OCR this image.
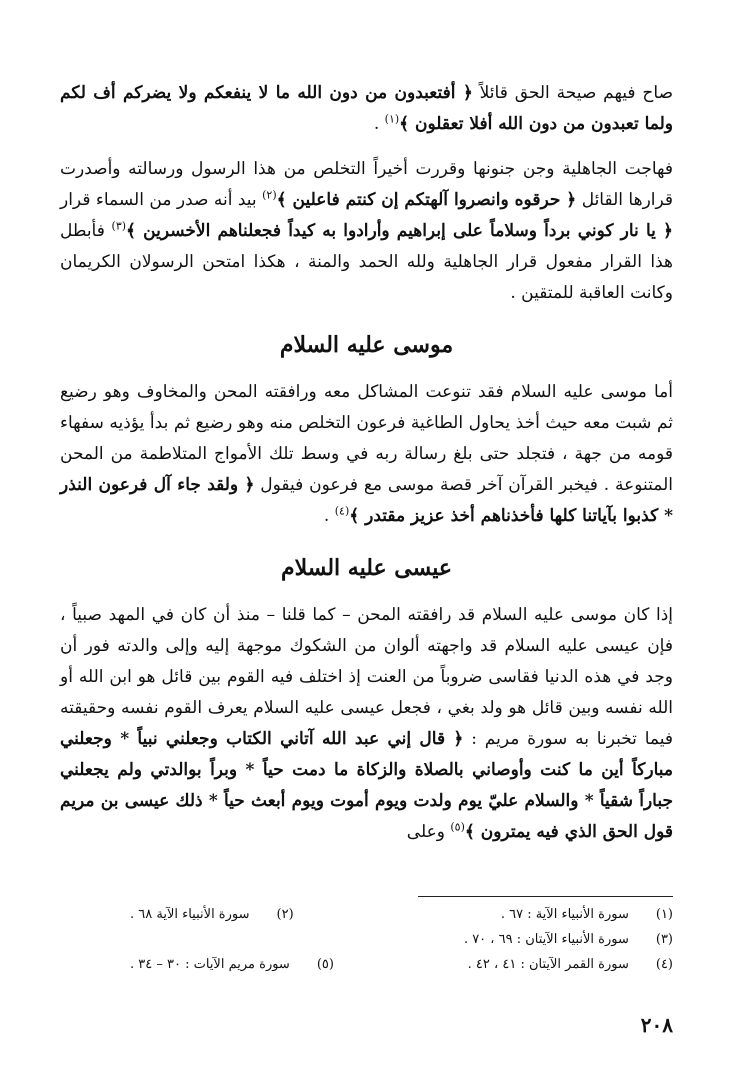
صاح فيهم صيحة الحق قائلاً ﴿ أفتعبدون من دون الله ما لا ينفعكم ولا يضركم أف لكم ولما تعبدون من دون الله أفلا تعقلون ﴾$^{(١)}$ .

فهاجت الجاهلية وجن جنونها وقررت أخيراً التخلص من هذا الرسول ورسالته وأصدرت قرارها القائل ﴿ حرقوه وانصروا آلهتكم إن كنتم فاعلين ﴾$^{(٢)}$ بيد أنه صدر من السماء قرار ﴿ يا نار كوني برداً وسلاماً على إبراهيم وأرادوا به كيداً فجعلناهم الأخسرين ﴾$^{(٣)}$ فأبطل هذا القرار مفعول قرار الجاهلية ولله الحمد والمنة ، هكذا امتحن الرسولان الكريمان وكانت العاقبة للمتقين .

موسى عليه السلام

أما موسى عليه السلام فقد تنوعت المشاكل معه ورافقته المحن والمخاوف وهو رضيع ثم شبت معه حيث أخذ يحاول الطاغية فرعون التخلص منه وهو رضيع ثم بدأ يؤذيه سفهاء قومه من جهة ، فتجلد حتى بلغ رسالة ربه في وسط تلك الأمواج المتلاطمة من المحن المتنوعة . فيخبر القرآن آخر قصة موسى مع فرعون فيقول ﴿ ولقد جاء آل فرعون النذر * كذبوا بآياتنا كلها فأخذناهم أخذ عزيز مقتدر ﴾$^{(٤)}$ .

عيسى عليه السلام

إذا كان موسى عليه السلام قد رافقته المحن – كما قلنا – منذ أن كان في المهد صبياً ، فإن عيسى عليه السلام قد واجهته ألوان من الشكوك موجهة إليه وإلى والدته فور أن وجد في هذه الدنيا فقاسى ضروباً من العنت إذ اختلف فيه القوم بين قائل هو ابن الله أو الله نفسه وبين قائل هو ولد بغي ، فجعل عيسى عليه السلام يعرف القوم نفسه وحقيقته فيما تخبرنا به سورة مريم : ﴿ قال إني عبد الله آتاني الكتاب وجعلني نبياً * وجعلني مباركاً أين ما كنت وأوصاني بالصلاة والزكاة ما دمت حياً * وبراً بوالدتي ولم يجعلني جباراً شقياً * والسلام عليّ يوم ولدت ويوم أموت ويوم أبعث حياً * ذلك عيسى بن مريم قول الحق الذي فيه يمترون ﴾$^{(٥)}$ وعلى

(١) سورة الأنبياء الآية : ٦٧ .
(٢) سورة الأنبياء الآية ٦٨ .
(٣) سورة الأنبياء الآيتان : ٦٩ ، ٧٠ .
(٤) سورة القمر الآيتان : ٤١ ، ٤٢ .
(٥) سورة مريم الآيات : ٣٠ – ٣٤ .
٢٠٨
